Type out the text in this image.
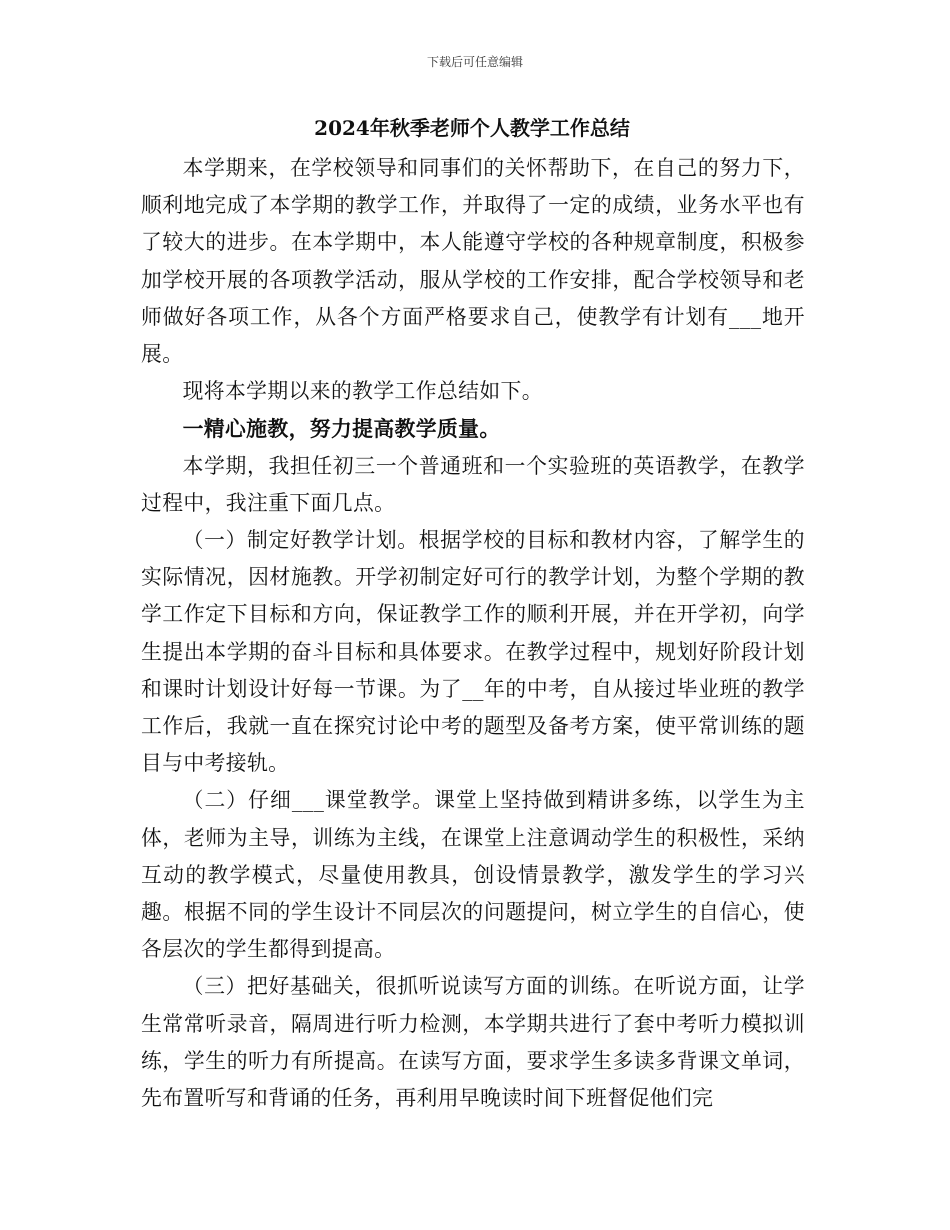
下载后可任意编辑
2024年秋季老师个人教学工作总结

本学期来，在学校领导和同事们的关怀帮助下，在自己的努力下，顺利地完成了本学期的教学工作，并取得了一定的成绩，业务水平也有了较大的进步。在本学期中，本人能遵守学校的各种规章制度，积极参加学校开展的各项教学活动，服从学校的工作安排，配合学校领导和老师做好各项工作，从各个方面严格要求自己，使教学有计划有___地开展。

现将本学期以来的教学工作总结如下。

一精心施教，努力提高教学质量。

本学期，我担任初三一个普通班和一个实验班的英语教学，在教学过程中，我注重下面几点。

（一）制定好教学计划。根据学校的目标和教材内容，了解学生的实际情况，因材施教。开学初制定好可行的教学计划，为整个学期的教学工作定下目标和方向，保证教学工作的顺利开展，并在开学初，向学生提出本学期的奋斗目标和具体要求。在教学过程中，规划好阶段计划和课时计划设计好每一节课。为了__年的中考，自从接过毕业班的教学工作后，我就一直在探究讨论中考的题型及备考方案，使平常训练的题目与中考接轨。

（二）仔细___课堂教学。课堂上坚持做到精讲多练，以学生为主体，老师为主导，训练为主线，在课堂上注意调动学生的积极性，采纳互动的教学模式，尽量使用教具，创设情景教学，激发学生的学习兴趣。根据不同的学生设计不同层次的问题提问，树立学生的自信心，使各层次的学生都得到提高。

（三）把好基础关，很抓听说读写方面的训练。在听说方面，让学生常常听录音，隔周进行听力检测，本学期共进行了套中考听力模拟训练，学生的听力有所提高。在读写方面，要求学生多读多背课文单词，先布置听写和背诵的任务，再利用早晚读时间下班督促他们完
